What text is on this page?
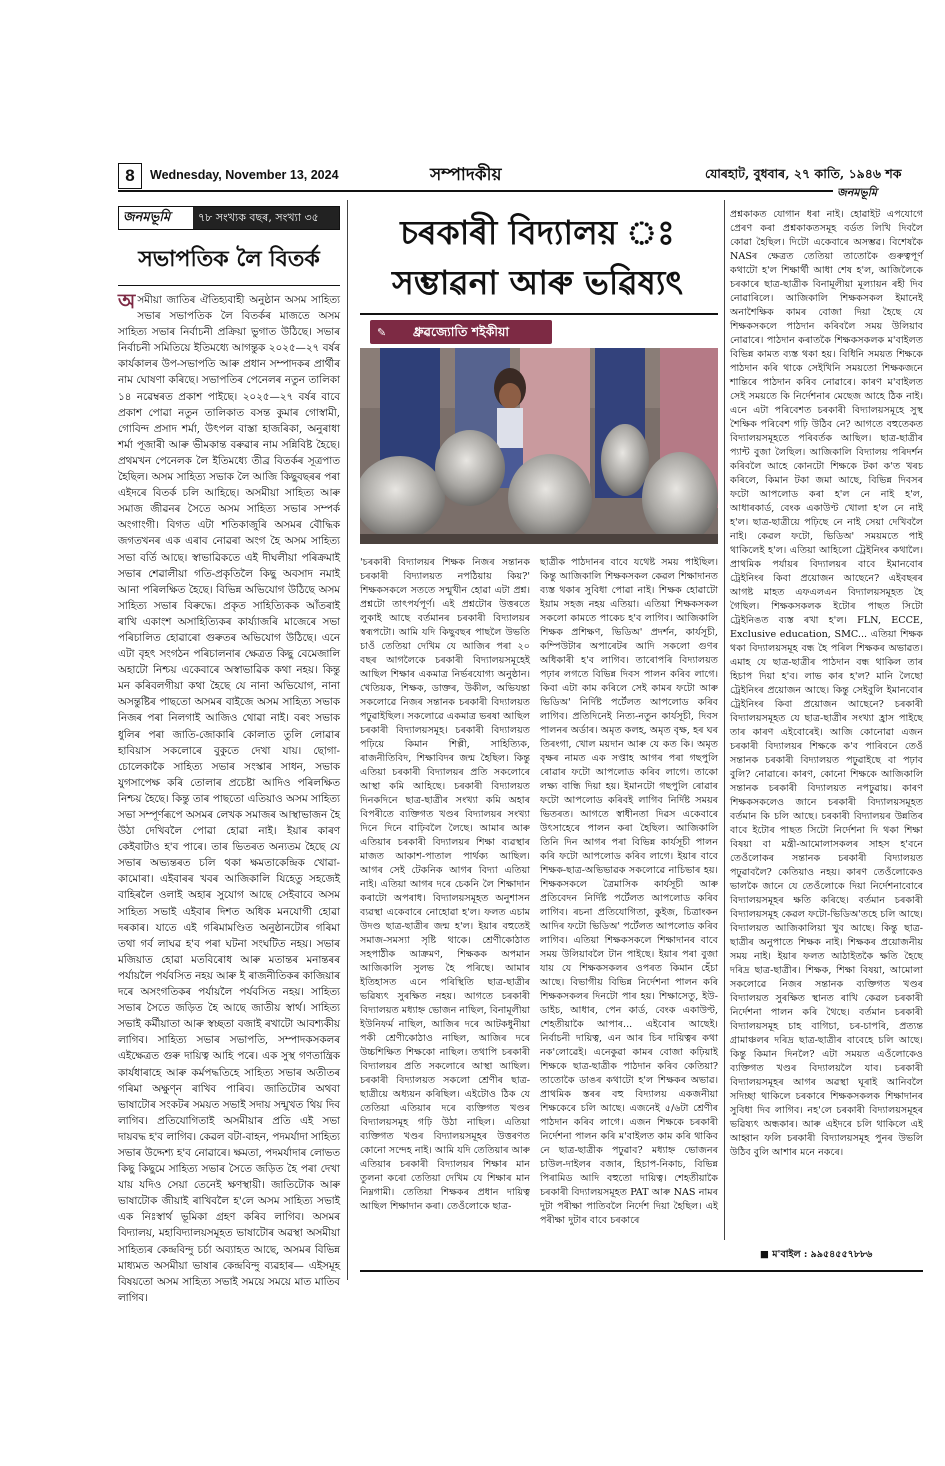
8	Wednesday, November 13, 2024	সম্পাদকীয়	যোৰহাট, বুধবাৰ, ২৭ কাতি, ১৯৪৬ শক
জনমভূমি
জনমভূমি	৭৮ সংখ্যক বছৰ, সংখ্যা ৩৫
সভাপতিক লৈ বিতৰ্ক
অ সমীয়া জাতিৰ ঐতিহ্যবাহী অনুষ্ঠান অসম সাহিত্য সভাৰ সভাপতিক লৈ বিতৰ্কৰ মাজতে অসম সাহিত্য সভাৰ নিৰ্বাচনী প্ৰক্ৰিয়া ভুগাত উঠিছে। সভাৰ নিৰ্বাচনী সমিতিয়ে ইতিমধ্যে আগন্তুক ২০২৫—২৭ বৰ্ষৰ কাৰ্যকালৰ উপ-সভাপতি আৰু প্ৰধান সম্পাদকৰ প্ৰাৰ্থীৰ নাম ঘোষণা কৰিছে। সভাপতিৰ পেনেলৰ নতুন তালিকা ১৪ নৱেম্বৰত প্ৰকাশ পাইছে। ২০২৫—২৭ বৰ্ষৰ বাবে প্ৰকাশ পোৱা নতুন তালিকাত বসন্ত কুমাৰ গোস্বামী, গোবিন্দ প্ৰসাদ শৰ্মা, উৎপল বাস্তা হাজৰিকা, অনুৰাধা শৰ্মা পূজাৰী আৰু ভীমকান্ত বৰুৱাৰ নাম সন্নিবিষ্ট হৈছে। প্ৰথমখন পেনেলক লৈ ইতিমধ্যে তীব্ৰ বিতৰ্কৰ সূত্ৰপাত হৈছিল। অসম সাহিত্য সভাক লৈ আজি কিছুবছৰৰ পৰা এইদৰে বিতৰ্ক চলি আহিছে। অসমীয়া সাহিত্য আৰু সমাজ জীৱনৰ সৈতে অসম সাহিত্য সভাৰ সম্পৰ্ক অংগাংগী। বিগত এটা শতিকাজুৰি অসমৰ বৌদ্ধিক জগতখনৰ এক এৰাব নোৱৰা অংগ হৈ অসম সাহিত্য সভা বৰ্তি আছে। স্বাভাৱিকতে এই দীঘলীয়া পৰিক্ৰমাই সভাৰ শেৱালীয়া গতি-প্ৰকৃতিলৈ কিছু অবসাদ নমাই আনা পৰিলক্ষিত হৈছে। বিভিন্ন অভিযোগ উঠিছে অসম সাহিত্য সভাৰ বিৰুদ্ধে। প্ৰকৃত সাহিত্যিকক আঁতৰাই ৰাখি একাংশ অসাহিত্যিকৰ কাৰ্য্যাজৰি মাজেৰে সভা পৰিচালিত হোৱাৰো গুৰুতৰ অভিযোগ উঠিছে। এনে এটা বৃহৎ সংগঠন পৰিচালনাৰ ক্ষেত্ৰত কিছু বেমেজালি অহাটো নিশ্চয় একেবাৰে অস্বাভাৱিক কথা নহয়। কিন্তু মন কৰিবলগীয়া কথা হৈছে যে নানা অভিযোগ, নানা অসন্তুষ্টিৰ পাছতো অসমৰ বাইজে অসম সাহিত্য সভাক নিজৰ পৰা নিলগাই আজিও থোৱা নাই। বৰং সভাক ধুলিৰ পৰা জাতি-জোকাৰি কোলাত তুলি লোৱাৰ হাবিয়াস সকলোৰে বুকুতে দেখা যায়। ছোগা-চোলেকাকৈ সাহিত্য সভাৰ সংস্কাৰ সাধন, সভাক যুগসাপেক্ষ কৰি তোলাৰ প্ৰচেষ্টা আদিও পৰিলক্ষিত নিশ্চয় হৈছে। কিন্তু তাৰ পাছতো এতিয়াও অসম সাহিত্য সভা সম্পূৰ্ণৰূপে অসমৰ লেখক সমাজৰ আস্থাভাজন হৈ উঠা দেখিবলৈ পোৱা হোৱা নাই। ইয়াৰ কাৰণ কেইবাটাও হ'ব পাৰে। তাৰ ভিতৰত অন্যতম হৈছে যে সভাৰ অভ্যন্তৰত চলি থকা ক্ষমতাকেন্দ্ৰিক খোৱা-কামোৰা। এইবাৰৰ খবৰ আজিকালি যিহেতু সহজেই বাহিৰলৈ ওলাই অহাৰ সুযোগ আছে সেইবাবে অসম সাহিত্য সভাই এইবাৰ দিশত অধিক মনযোগী হোৱা দৰকাৰ। যাতে এই গৰিমামণ্ডিত অনুষ্ঠানটোৰ গৰিমা তথা গৰ্ব লাঘৱ হ'ব পৰা ঘটনা সংঘটিত নহয়। সভাৰ মজিয়াত হোৱা মতবিৰোধ আৰু মতান্তৰ মনান্তৰৰ পৰ্যায়লৈ পৰ্যবসিত নহয় আৰু ই ৰাজনীতিকৰ কাজিয়াৰ দৰে অসংগতিকৰ পৰ্যায়লৈ পৰ্যবসিত নহয়। সাহিত্য সভাৰ সৈতে জড়িত হৈ আছে জাতীয় স্বাৰ্থ। সাহিত্য সভাই কৰ্মীয়াতা আৰু স্বচ্ছতা বজাই ৰখাটো আবশ্যকীয় লাগিব। সাহিত্য সভাৰ সভাপতি, সম্পাদকসকলৰ এইক্ষেত্ৰত গুৰু দায়িত্ব আহি পৰে। এক সুস্থ গণতান্ত্ৰিক কাৰ্যধাৰাহে আৰু কৰ্মপদ্ধতিহে সাহিত্য সভাৰ অতীতৰ গৰিমা অক্ষুণ্ন ৰাখিব পাৰিব। জাতিটোৰ অথবা ভাষাটোৰ সংকটৰ সময়ত সভাই সদায় সন্মুখত থিয় দিব লাগিব। প্ৰতিযোগিতাই অসমীয়াৰ প্ৰতি এই সভা দায়বদ্ধ হ'ব লাগিব। কেৱল বটা-বাহন, পদমৰ্যাদা সাহিত্য সভাৰ উদ্দেশ্য হ'ব নোৱাৰে। ক্ষমতা, পদমৰ্যাদাৰ লোভত কিছু কিছুমে সাহিত্য সভাৰ সৈতে জড়িত হৈ পৰা দেখা যায় যদিও সেয়া তেনেই ক্ষণস্থায়ী। জাতিটোক আৰু ভাষাটোক জীয়াই ৰাখিবলৈ হ'লে অসম সাহিত্য সভাই এক নিঃস্বাৰ্থ ভূমিকা গ্ৰহণ কৰিব লাগিব। অসমৰ বিদ্যালয়, মহাবিদ্যালয়সমূহত ভাষাটোৰ অৱস্থা অসমীয়া সাহিত্যৰ কেন্দ্ৰবিন্দু চৰ্চা অব্যাহত আছে, অসমৰ বিভিন্ন মাধ্যমত অসমীয়া ভাষাৰ কেন্দ্ৰবিন্দু ব্যৱহাৰ— এইসমূহ বিষয়তো অসম সাহিত্য সভাই সময়ে সময়ে মাত মাতিব লাগিব।

চৰকাৰী বিদ্যালয় ঃ
সম্ভাৱনা আৰু ভৱিষ্যৎ
ধ্ৰুৱজ্যোতি শইকীয়া
✎

'চৰকাৰী বিদ্যালয়ৰ শিক্ষক নিজৰ সন্তানক চৰকাৰী বিদ্যালয়ত নপঠিয়ায় কিয়?' শিক্ষকসকলে সততে সন্মুখীন হোৱা এটা প্ৰশ্ন। প্ৰশ্নটো তাৎপৰ্যপূৰ্ণ। এই প্ৰশ্নটোৰ উত্তৰতে লুকাই আছে বৰ্তমানৰ চৰকাৰী বিদ্যালয়ৰ স্বৰূপটো। আমি যদি কিছুবছৰ পাছলৈ উভতি চাওঁ তেতিয়া দেখিম যে আজিৰ পৰা ২০ বছৰ আগলৈকে চৰকাৰী বিদ্যালয়সমূহেই আছিল শিক্ষাৰ একমাত্ৰ নিৰ্ভৰযোগ্য অনুষ্ঠান। খেতিয়ক, শিক্ষক, ডাক্তৰ, উকীল, অভিযন্তা সকলোৱে নিজৰ সন্তানক চৰকাৰী বিদ্যালয়ত পঢ়ুৱাইছিল। সকলোৱে একমাত্ৰ ভৰষা আছিল চৰকাৰী বিদ্যালয়সমূহ। চৰকাৰী বিদ্যালয়ত পঢ়িয়ে কিমান শিল্পী, সাহিত্যিক, ৰাজনীতিবিদ, শিক্ষাবিদৰ জন্ম হৈছিল। কিন্তু এতিয়া চৰকাৰী বিদ্যালয়ৰ প্ৰতি সকলোৰে আস্থা কমি আহিছে। চৰকাৰী বিদ্যালয়ত দিনকদিনে ছাত্ৰ-ছাত্ৰীৰ সংখ্যা কমি অহাৰ বিপৰীতে ব্যক্তিগত খণ্ডৰ বিদ্যালয়ৰ সংখ্যা দিনে দিনে বাঢ়িবলৈ লৈছে। আমাৰ আৰু এতিয়াৰ চৰকাৰী বিদ্যালয়ৰ শিক্ষা ব্যৱস্থাৰ মাজত আকাশ-পাতাল পাৰ্থক্য আছিল। আগৰ সেই টেকনিক আগৰ বিদ্যা এতিয়া নাই। এতিয়া আগৰ দৰে চেকনি লৈ শিক্ষাদান কৰাটো অপৰাধ। বিদ্যালয়সমূহত অনুশাসন ব্যৱস্থা একেবাৰে নোহোৱা হ'ল। ফলত এচাম উদণ্ড ছাত্ৰ-ছাত্ৰীৰ জন্ম হ'ল। ইয়াৰ বহুতেই সমাজ-সমস্যা সৃষ্টি থাকে। শ্ৰেণীকোঠাত সহপাঠীক আক্ৰমণ, শিক্ষকক অপমান আজিকালি সুলভ হৈ পৰিছে। আমাৰ ইতিহাসত এনে পৰিস্থিতি ছাত্ৰ-ছাত্ৰীৰ ভৱিষ্যৎ সুৰক্ষিত নহয়। আগতে চৰকাৰী বিদ্যালয়ত মধ্যাহ্ন ভোজন নাছিল, বিনামূলীয়া ইউনিফৰ্ম নাছিল, আজিৰ দৰে আটকধুনীয়া পকী শ্ৰেণীকোঠাও নাছিল, আজিৰ দৰে উচ্চশিক্ষিত শিক্ষকো নাছিল। তথাপি চৰকাৰী বিদ্যালয়ৰ প্ৰতি সকলোৰে আস্থা আছিল। চৰকাৰী বিদ্যালয়ত সকলো শ্ৰেণীৰ ছাত্ৰ-ছাত্ৰীয়ে অধ্যয়ন কৰিছিল। এইটোও ঠিক যে তেতিয়া এতিয়াৰ দৰে ব্যক্তিগত খণ্ডৰ বিদ্যালয়সমূহ গঢ়ি উঠা নাছিল। এতিয়া ব্যক্তিগত খণ্ডৰ বিদ্যালয়সমূহৰ উত্তৰণত কোনো সন্দেহ নাই। আমি যদি তেতিয়াৰ আৰু এতিয়াৰ চৰকাৰী বিদ্যালয়ৰ শিক্ষাৰ মান তুলনা কৰো তেতিয়া দেখিম যে শিক্ষাৰ মান নিম্নগামী। তেতিয়া শিক্ষকৰ প্ৰধান দায়িত্ব আছিল শিক্ষাদান কৰা। তেওঁলোকে ছাত্ৰ-

ছাত্ৰীক পাঠদানৰ বাবে যথেষ্ট সময় পাইছিল। কিন্তু আজিকালি শিক্ষকসকল কেৱল শিক্ষাদানত ব্যস্ত থকাৰ সুবিধা পোৱা নাই। শিক্ষক হোৱাটো ইয়াম সহজ নহয় এতিয়া। এতিয়া শিক্ষকসকল সকলো কামতে পাকেচ হ'ব লাগিব। আজিকালি শিক্ষক প্ৰশিক্ষণ, ভিডিঅ' প্ৰদৰ্শন, কাৰ্যসূচী, কম্পিউটাৰ অপাৰেটৰ আদি সকলো গুণৰ অধিকাৰী হ'ব লাগিব। তাৰোপৰি বিদ্যালয়ত পঢ়াৰ লগতে বিভিন্ন দিবস পালন কৰিব লাগে। কিবা এটা কাম কৰিলে সেই কামৰ ফটো আৰু ভিডিঅ' নিৰ্দিষ্ট পৰ্টেলত আপলোড কৰিব লাগিব। প্ৰতিদিনেই নিত্য-নতুন কাৰ্যসূচী, দিবস পালনৰ অৰ্ডাৰ। অমৃত কলহ, অমৃত বৃক্ষ, হৰ ঘৰ তিৰংগা, খোল ময়দান আৰু যে কত কি। অমৃত বৃক্ষৰ নামত এক সপ্তাহ আগৰ পৰা গছপুলি ৰোৱাৰ ফটো আপলোড কৰিব লাগে। তাকো লক্ষ্য বান্ধি দিয়া হয়। ইমানটো গছপুলি ৰোৱাৰ ফটো আপলোড কৰিবই লাগিব নিৰ্দিষ্ট সময়ৰ ভিতৰত। আগতে স্বাধীনতা দিৱস একেবাৰে উৎসাহেৰে পালন কৰা হৈছিল। আজিকালি তিনি দিন আগৰ পৰা বিভিন্ন কাৰ্যসূচী পালন কৰি ফটো আপলোড কৰিব লাগে। ইয়াৰ বাবে শিক্ষক-ছাত্ৰ-অভিভাৱক সকলোৱে নাচিভাৰ হয়। শিক্ষকসকলে ত্ৰৈমাসিক কাৰ্যসূচী আৰু প্ৰতিবেদন নিৰ্দিষ্ট পৰ্টেলত আপলোড কৰিব লাগিব। ৰচনা প্ৰতিযোগিতা, কুইজ, চিত্ৰাংকন আদিৰ ফটো ভিডিঅ' পৰ্টেলত আপলোড কৰিব লাগিব। এতিয়া শিক্ষকসকলে শিক্ষাদানৰ বাবে সময় উলিয়াবলৈ টান পাইছে। ইয়াৰ পৰা বুজা যায় যে শিক্ষকসকলৰ ওপৰত কিমান হেঁচা আছে। বিভাগীয় বিভিন্ন নিৰ্দেশনা পালন কৰি শিক্ষকসকলৰ দিনটো পাৰ হয়। শিক্ষাসেতু, ইউ-ডাইচ, আধাৰ, পেন কাৰ্ড, বেংক একাউণ্ট, শেহতীয়াকৈ আপাৰ... এইবোৰ আছেই। নিৰ্বাচনী দায়িত্ব, এন আৰ চিৰ দায়িত্বৰ কথা নক'লোৱেই। এনেকুৱা কামৰ বোজা কঢ়িয়াই শিক্ষকে ছাত্ৰ-ছাত্ৰীক পাঠদান কৰিব কেতিয়া? তাতোকৈ ডাঙৰ কথাটো হ'ল শিক্ষকৰ অভাৱ। প্ৰাথমিক স্তৰৰ বহু বিদ্যালয় একজনীয়া শিক্ষকেৰে চলি আছে। এজনেই ৫/৬টা শ্ৰেণীৰ পাঠদান কৰিব লাগে। এজন শিক্ষকে চৰকাৰী নিৰ্দেশনা পালন কৰি ম'বাইলত কাম কৰি থাকিব নে ছাত্ৰ-ছাত্ৰীক পঢ়ুৱাব? মধ্যাহ্ন ভোজনৰ চাউল-দাইলৰ বজাৰ, হিচাপ-নিকাচ, বিভিন্ন পিৰামিড আদি বহুতো দায়িত্ব। শেহতীয়াকৈ চৰকাৰী বিদ্যালয়সমূহত PAT আৰু NAS নামৰ দুটা পৰীক্ষা পাতিবলৈ নিৰ্দেশ দিয়া হৈছিল। এই পৰীক্ষা দুটাৰ বাবে চৰকাৰে

প্ৰশ্নকাকত যোগান ধৰা নাই। হোৱাইট এপযোগে প্ৰেৰণ কৰা প্ৰশ্নকাকতসমূহ বৰ্ডত লিখি দিবলৈ কোৱা হৈছিল। দিটো একেবাৰে অসম্ভৱ। বিশেষকৈ NASৰ ক্ষেত্ৰত তেতিয়া তাতোকৈ গুৰুত্বপূৰ্ণ কথাটো হ'ল শিক্ষাৰ্থী আধা শেষ হ'ল, আজিলৈকে চৰকাৰে ছাত্ৰ-ছাত্ৰীক বিনামূলীয়া মূল্যায়ন ৰহী দিব নোৱাৰিলে। আজিকালি শিক্ষকসকল ইমানেই অনাশৈক্ষিক কামৰ বোজা দিয়া হৈছে যে শিক্ষকসকলে পাঠদান কৰিবলৈ সময় উলিয়াব নোৱাৰে। পাঠদান কৰাতকৈ শিক্ষকসকলক ম'বাইলত বিভিন্ন কামত ব্যস্ত থকা হয়। বিধিনি সময়ত শিক্ষকে পাঠদান কৰি থাকে সেইখিনি সময়তো শিক্ষকজনে শান্তিৰে পাঠদান কৰিব নোৱাৰে। কাৰণ ম'বাইলত সেই সময়তে কি নিৰ্দেশনাৰ মেছেজ আহে ঠিক নাই। এনে এটা পৰিবেশত চৰকাৰী বিদ্যালয়সমূহে সুস্থ শৈক্ষিক পৰিবেশ গঢ়ি উঠিব নে? আগতে বহুতেকত বিদ্যালয়সমূহতে পৰিবৰ্তক আছিল। ছাত্ৰ-ছাত্ৰীৰ প্যান্ট বুজা লৈছিল। আজিকালি বিদ্যালয় পৰিদৰ্শন কৰিবলৈ আহে কোনটো শিক্ষকে টকা ক'ত খৰচ কৰিলে, কিমান টকা জমা আছে, বিভিন্ন দিবসৰ ফটো আপলোড কৰা হ'ল নে নাই হ'ল, আধাৰকাৰ্ড, বেংক একাউণ্ট খোলা হ'ল নে নাই হ'ল। ছাত্ৰ-ছাত্ৰীয়ে পঢ়িছে নে নাই সেয়া দেখিবলৈ নাই। কেৱল ফটো, ভিডিঅ' সময়মতে পাই থাকিলেই হ'ল। এতিয়া আহিলো ট্ৰেইনিংৰ কথালৈ। প্ৰাথমিক পৰ্যায়ৰ বিদ্যালয়ৰ বাবে ইমানবোৰ ট্ৰেইনিংৰ কিবা প্ৰয়োজন আছেনে? এইবছৰৰ আগষ্ট মাহত এফএলএন বিদ্যালয়সমূহত হৈ গৈছিল। শিক্ষকসকলক ইটোৰ পাছত সিটো ট্ৰেইনিঙত ব্যস্ত ৰখা হ'ল। FLN, ECCE, Exclusive education, SMC... এতিয়া শিক্ষক থকা বিদ্যালয়সমূহ বন্ধ হৈ পৰিল শিক্ষকৰ অভাৱত। এমাহ যে ছাত্ৰ-ছাত্ৰীৰ পাঠদান বন্ধ থাকিল তাৰ হিচাপ দিয়া হ'ব। লাভ কাৰ হ'ল? মানি লৈছো ট্ৰেইনিংৰ প্ৰয়োজন আছে। কিন্তু সেইবুলি ইমানবোৰ ট্ৰেইনিংৰ কিবা প্ৰয়োজন আছেনে? চৰকাৰী বিদ্যালয়সমূহত যে ছাত্ৰ-ছাত্ৰীৰ সংখ্যা হ্ৰাস পাইছে তাৰ কাৰণ এইবোৰেই। আজি কোনোৱা এজন চৰকাৰী বিদ্যালয়ৰ শিক্ষকে ক'ব পাৰিবনে তেওঁ সন্তানক চৰকাৰী বিদ্যালয়ত পঢ়ুৱাইছে বা পঢ়াব বুলি? নোৱাৰে। কাৰণ, কোনো শিক্ষকে আজিকালি সন্তানক চৰকাৰী বিদ্যালয়ত নপঢ়ুৱায়। কাৰণ শিক্ষকসকলেও জানে চৰকাৰী বিদ্যালয়সমূহত বৰ্তমান কি চলি আছে। চৰকাৰী বিদ্যালয়ৰ উন্নতিৰ বাবে ইটোৰ পাছত সিটো নিৰ্দেশনা দি থকা শিক্ষা বিষয়া বা মন্ত্ৰী-আমোলাসকলৰ সাহস হ'বনে তেওঁলোকৰ সন্তানক চৰকাৰী বিদ্যালয়ত পঢ়ুৱাবলৈ? কেতিয়াও নহয়। কাৰণ তেওঁলোকেও ভালকৈ জানে যে তেওঁলোকে দিয়া নিৰ্দেশনাবোৰে বিদ্যালয়সমূহৰ ক্ষতি কৰিছে। বৰ্তমান চৰকাৰী বিদ্যালয়সমূহ কেৱল ফটো-ভিডিঅ'তহে চলি আছে। বিদ্যালয়ত আজিকালিয়া খুব আছে। কিন্তু ছাত্ৰ-ছাত্ৰীৰ অনুপাতে শিক্ষক নাই। শিক্ষকৰ প্ৰয়োজনীয় সময় নাই। ইয়াৰ ফলত আঠাইতকৈ ক্ষতি হৈছে দৰিদ্ৰ ছাত্ৰ-ছাত্ৰীৰ। শিক্ষক, শিক্ষা বিষয়া, আমোলা সকলোৱে নিজৰ সন্তানক ব্যক্তিগত খণ্ডৰ বিদ্যালয়ত সুৰক্ষিত স্থানত ৰাখি কেৱল চৰকাৰী নিৰ্দেশনা পালন কৰি থৈছে। বৰ্তমান চৰকাৰী বিদ্যালয়সমূহ চাহ বাগিচা, চৰ-চাপৰি, প্ৰত্যন্ত গ্ৰামাঞ্চলৰ দৰিদ্ৰ ছাত্ৰ-ছাত্ৰীৰ বাবেহে চলি আছে। কিন্তু কিমান দিনলৈ? এটা সময়ত এওঁলোকেও ব্যক্তিগত খণ্ডৰ বিদ্যালয়লৈ যাব। চৰকাৰী বিদ্যালয়সমূহৰ আগৰ অৱস্থা ঘূৰাই আনিবলৈ সদিচ্ছা থাকিলে চৰকাৰে শিক্ষকসকলক শিক্ষাদানৰ সুবিধা দিব লাগিব। নহ'লে চৰকাৰী বিদ্যালয়সমূহৰ ভৱিষ্যৎ অন্ধকাৰ। আৰু এইদৰে চলি থাকিলে এই আহ্বান ফলি চৰকাৰী বিদ্যালয়সমূহ পুনৰ উভলি উঠিব বুলি আশাৰ মনে নকৰে।

■ ম'বাইল : ৯৯৫৪৫৫৭৮৮৬
